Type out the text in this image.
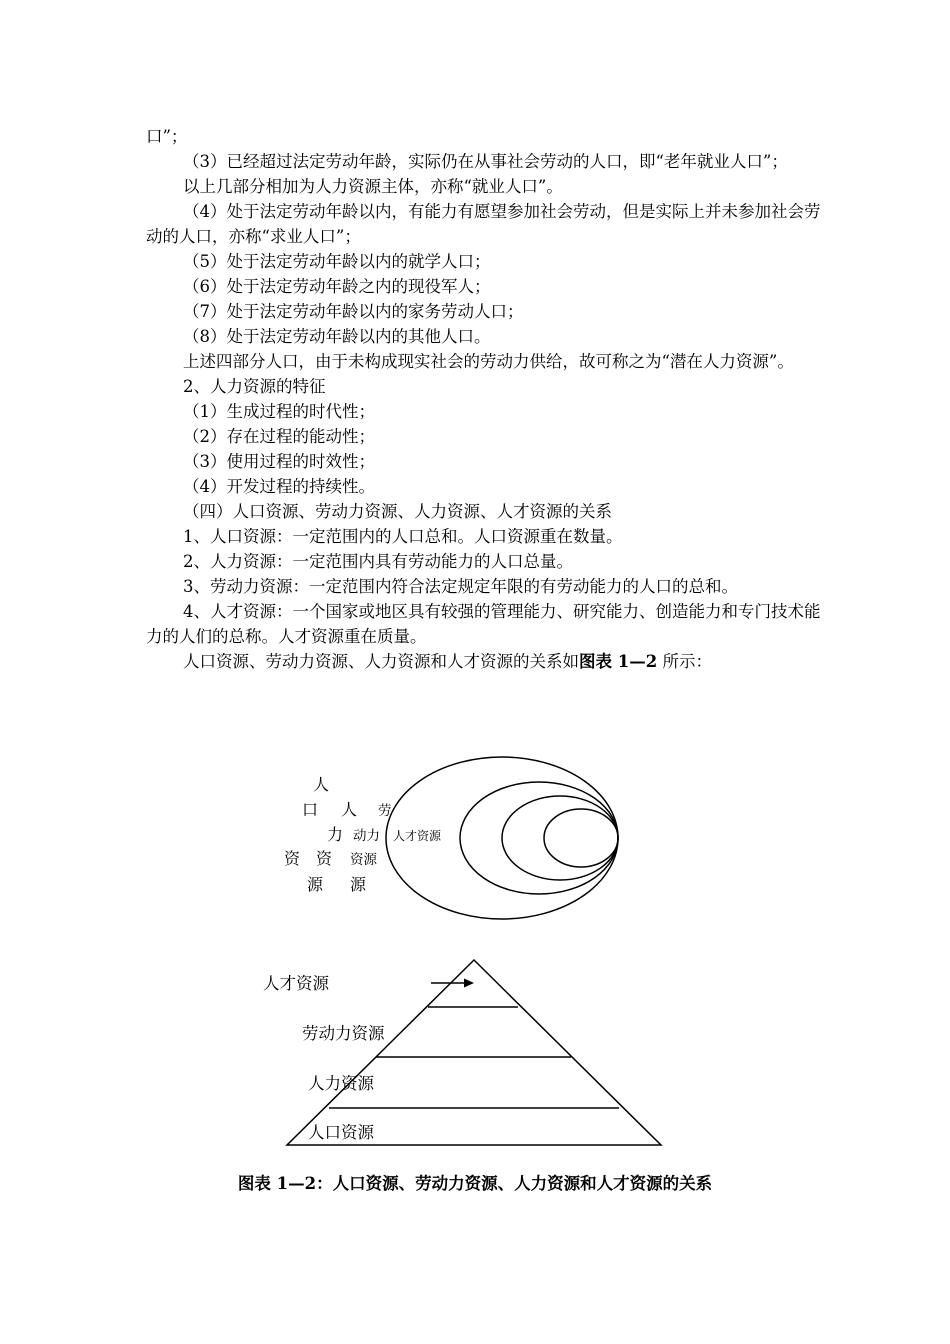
口”；

（3）已经超过法定劳动年龄，实际仍在从事社会劳动的人口，即“老年就业人口”；

以上几部分相加为人力资源主体，亦称“就业人口”。

（4）处于法定劳动年龄以内，有能力有愿望参加社会劳动，但是实际上并未参加社会劳动的人口，亦称“求业人口”；

（5）处于法定劳动年龄以内的就学人口；

（6）处于法定劳动年龄之内的现役军人；

（7）处于法定劳动年龄以内的家务劳动人口；

（8）处于法定劳动年龄以内的其他人口。

上述四部分人口，由于未构成现实社会的劳动力供给，故可称之为“潜在人力资源”。

2、人力资源的特征

（1）生成过程的时代性；

（2）存在过程的能动性；

（3）使用过程的时效性；

（4）开发过程的持续性。

（四）人口资源、劳动力资源、人力资源、人才资源的关系

1、人口资源：一定范围内的人口总和。人口资源重在数量。

2、人力资源：一定范围内具有劳动能力的人口总量。

3、劳动力资源：一定范围内符合法定规定年限的有劳动能力的人口的总和。

4、人才资源：一个国家或地区具有较强的管理能力、研究能力、创造能力和专门技术能力的人们的总称。人才资源重在质量。

人口资源、劳动力资源、人力资源和人才资源的关系如图表 1—2 所示：

人
口
资
源
人
力
资
源
劳
动力
资源
人才资源
人才资源
劳动力资源
人力资源
人口资源
图表 1—2：人口资源、劳动力资源、人力资源和人才资源的关系
